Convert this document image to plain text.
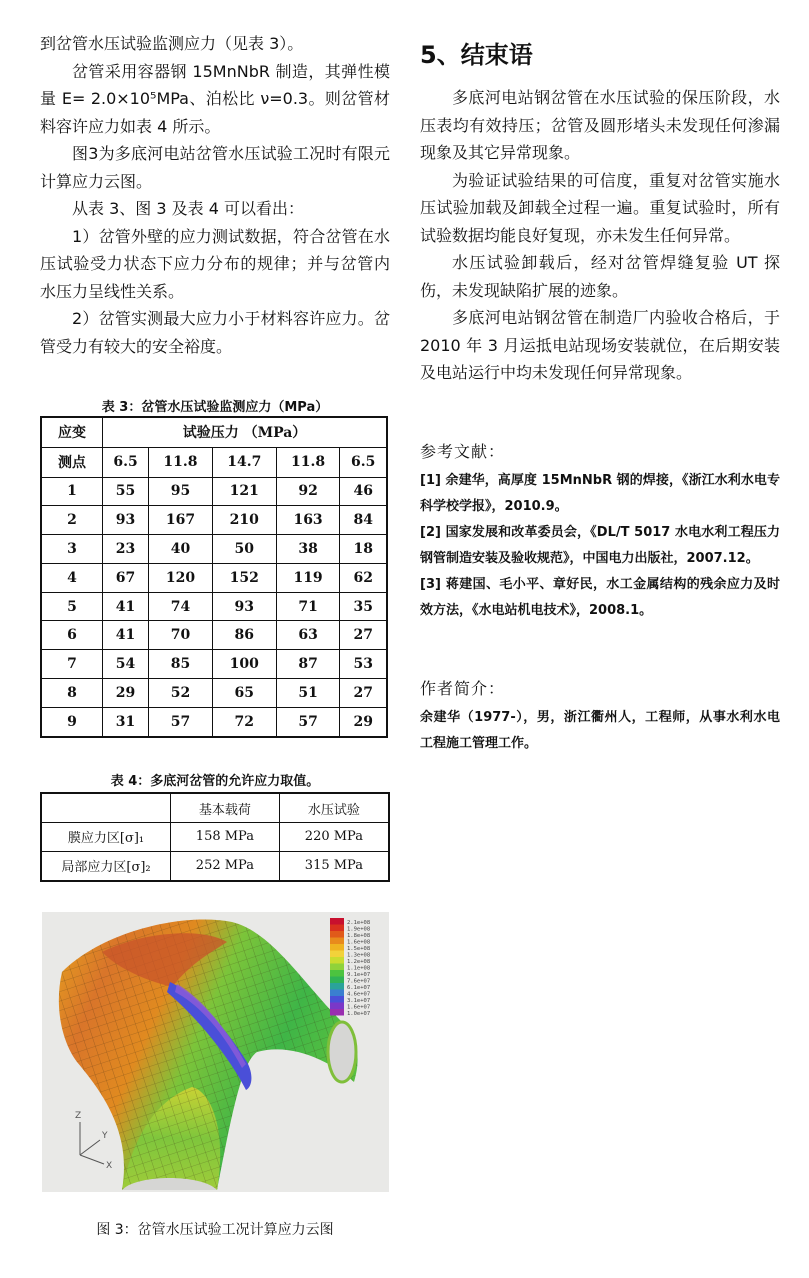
到岔管水压试验监测应力（见表 3）。

岔管采用容器钢 15MnNbR 制造，其弹性模量 E= 2.0×10⁵MPa、泊松比 ν=0.3。则岔管材料容许应力如表 4 所示。

图3为多底河电站岔管水压试验工况时有限元计算应力云图。

从表 3、图 3 及表 4 可以看出：

1）岔管外壁的应力测试数据，符合岔管在水压试验受力状态下应力分布的规律；并与岔管内水压力呈线性关系。

2）岔管实测最大应力小于材料容许应力。岔管受力有较大的安全裕度。

表 3：岔管水压试验监测应力（MPa）

应变	试验压力 （MPa）				
测点	6.5	11.8	14.7	11.8	6.5
1	55	95	121	92	46
2	93	167	210	163	84
3	23	40	50	38	18
4	67	120	152	119	62
5	41	74	93	71	35
6	41	70	86	63	27
7	54	85	100	87	53
8	29	52	65	51	27
9	31	57	72	57	29

表 4：多底河岔管的允许应力取值。

	基本载荷	水压试验
膜应力区[σ]₁	158 MPa	220 MPa
局部应力区[σ]₂	252 MPa	315 MPa
2.1e+08
1.9e+08
1.8e+08
1.6e+08
1.5e+08
1.3e+08
1.2e+08
1.1e+08
9.1e+07
7.6e+07
6.1e+07
4.6e+07
3.1e+07
1.6e+07
1.0e+07
Z
Y
X

图 3：岔管水压试验工况计算应力云图

5、结束语

多底河电站钢岔管在水压试验的保压阶段，水压表均有效持压；岔管及圆形堵头未发现任何渗漏现象及其它异常现象。

为验证试验结果的可信度，重复对岔管实施水压试验加载及卸载全过程一遍。重复试验时，所有试验数据均能良好复现，亦未发生任何异常。

水压试验卸载后，经对岔管焊缝复验 UT 探伤，未发现缺陷扩展的迹象。

多底河电站钢岔管在制造厂内验收合格后，于 2010 年 3 月运抵电站现场安装就位，在后期安装及电站运行中均未发现任何异常现象。

参考文献：

[1] 余建华，高厚度 15MnNbR 钢的焊接，《浙江水利水电专科学校学报》，2010.9。

[2] 国家发展和改革委员会，《DL/T 5017 水电水利工程压力钢管制造安装及验收规范》，中国电力出版社，2007.12。

[3] 蒋建国、毛小平、章好民，水工金属结构的残余应力及时效方法，《水电站机电技术》，2008.1。

作者简介：

余建华（1977-），男，浙江衢州人，工程师，从事水利水电工程施工管理工作。
